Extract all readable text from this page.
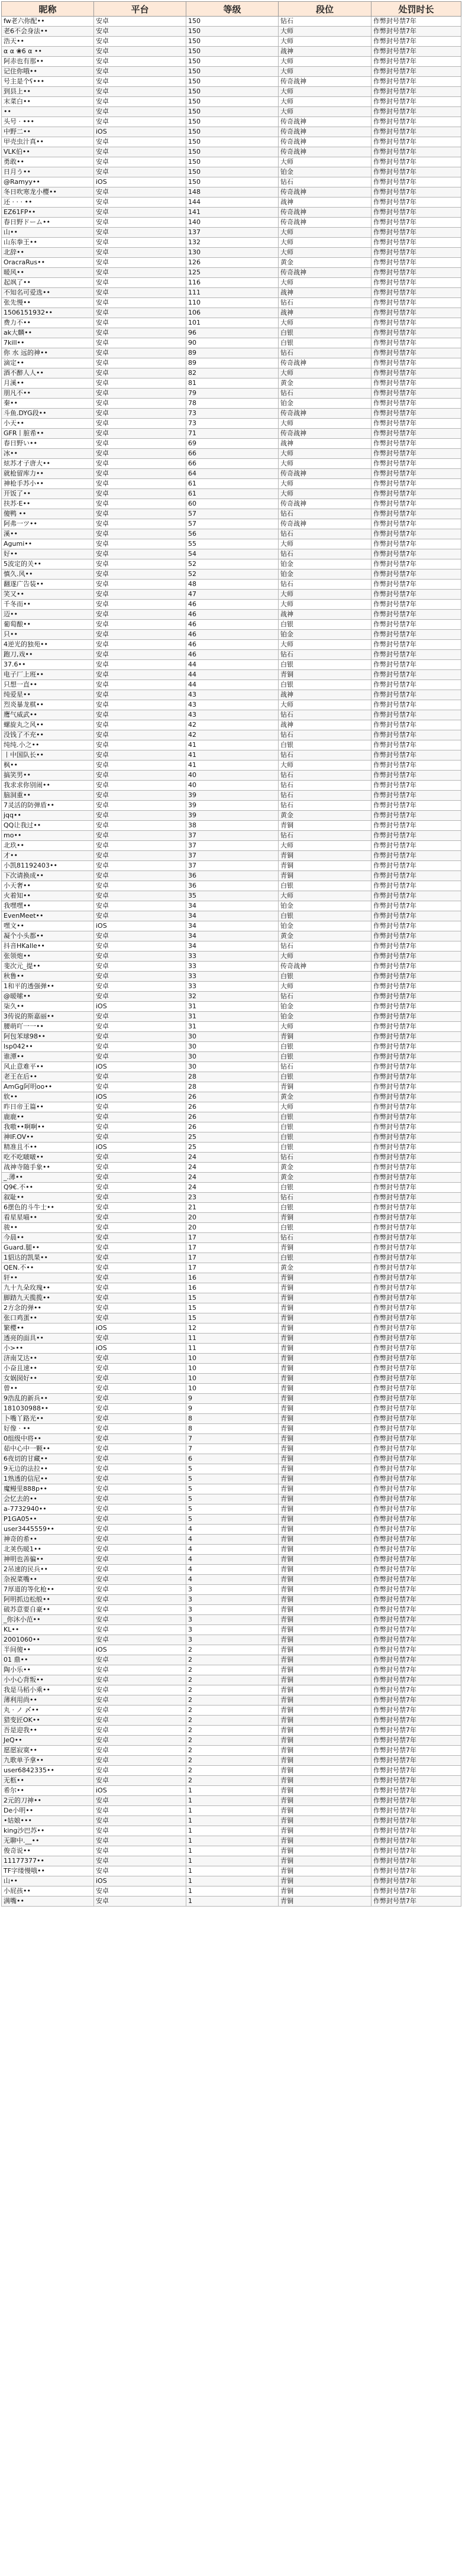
昵称	平台	等级	段位	处罚时长
fw老六你配••	安卓	150	钻石	作弊封号禁7年
老6不会身法••	安卓	150	大师	作弊封号禁7年
浩天••	安卓	150	大师	作弊封号禁7年
α α ❀6 α ••	安卓	150	战神	作弊封号禁7年
阿赤也有那••	安卓	150	大师	作弊封号禁7年
记住你哦••	安卓	150	大师	作弊封号禁7年
号主是个ʕ•••	安卓	150	传奇战神	作弊封号禁7年
到县上••	安卓	150	大师	作弊封号禁7年
末菜白••	安卓	150	大师	作弊封号禁7年
••	安卓	150	大师	作弊封号禁7年
头号 · •••	安卓	150	传奇战神	作弊封号禁7年
中野二••	iOS	150	传奇战神	作弊封号禁7年
甲壳虫汁真••	安卓	150	传奇战神	作弊封号禁7年
VLK伯••	安卓	150	传奇战神	作弊封号禁7年
勇敢••	安卓	150	大师	作弊封号禁7年
日月う••	安卓	150	铂金	作弊封号禁7年
@Ramyy••	iOS	150	钻石	作弊封号禁7年
冬日吹寒龙小樱••	安卓	148	传奇战神	作弊封号禁7年
还 · · · ••	安卓	144	战神	作弊封号禁7年
EZ61FP••	安卓	141	传奇战神	作弊封号禁7年
春日野ドーム••	安卓	140	传奇战神	作弊封号禁7年
山••	安卓	137	大师	作弊封号禁7年
山东拳王••	安卓	132	大师	作弊封号禁7年
北辞••	安卓	130	大师	作弊封号禁7年
OracraRus••	安卓	126	黄金	作弊封号禁7年
暖风••	安卓	125	传奇战神	作弊封号禁7年
起飒了••	安卓	116	大师	作弊封号禁7年
不知名可爱选••	安卓	111	战神	作弊封号禁7年
张先慢••	安卓	110	钻石	作弊封号禁7年
1506151932••	安卓	106	战神	作弊封号禁7年
费力不••	安卓	101	大师	作弊封号禁7年
ak大麟••	安卓	96	白银	作弊封号禁7年
7kill••	安卓	90	白银	作弊封号禁7年
你 水 远的神••	安卓	89	钻石	作弊封号禁7年
滴定••	安卓	89	传奇战神	作弊封号禁7年
酒不醉人人••	安卓	82	大师	作弊封号禁7年
月溪••	安卓	81	黄金	作弊封号禁7年
朋凡不••	安卓	79	钻石	作弊封号禁7年
秦••	安卓	78	铂金	作弊封号禁7年
斗鱼.DYG段••	安卓	73	传奇战神	作弊封号禁7年
小天••	安卓	73	大师	作弊封号禁7年
GFR丨脏希••	安卓	71	传奇战神	作弊封号禁7年
春日野い••	安卓	69	战神	作弊封号禁7年
冰••	安卓	66	大师	作弊封号禁7年
炫苏才子唐大••	安卓	66	大师	作弊封号禁7年
就枪留库力••	安卓	64	传奇战神	作弊封号禁7年
神枪手苏小••	安卓	61	大师	作弊封号禁7年
开饭了••	安卓	61	大师	作弊封号禁7年
扶苏·E••	安卓	60	传奇战神	作弊封号禁7年
傻鸭 ••	安卓	57	钻石	作弊封号禁7年
阿弗一ツ••	安卓	57	传奇战神	作弊封号禁7年
溪••	安卓	56	钻石	作弊封号禁7年
Agumi••	安卓	55	大师	作弊封号禁7年
好••	安卓	54	钻石	作弊封号禁7年
5波定的关••	安卓	52	铂金	作弊封号禁7年
慎久.风••	安卓	52	铂金	作弊封号禁7年
翻遂广告装••	安卓	48	钻石	作弊封号禁7年
笑又••	安卓	47	大师	作弊封号禁7年
千冬而••	安卓	46	大师	作弊封号禁7年
迈••	安卓	46	战神	作弊封号禁7年
葡萄酿••	安卓	46	白银	作弊封号禁7年
只••	安卓	46	铂金	作弊封号禁7年
4逆光的独苑••	安卓	46	大师	作弊封号禁7年
跑刀,戏••	安卓	46	钻石	作弊封号禁7年
37.6••	安卓	44	白银	作弊封号禁7年
电子厂上班••	安卓	44	青铜	作弊封号禁7年
只想一直••	安卓	44	白银	作弊封号禁7年
纯爱星••	安卓	43	战神	作弊封号禁7年
烈炎暴龙棋••	安卓	43	大师	作弊封号禁7年
鹰气威武••	安卓	43	钻石	作弊封号禁7年
螺旋丸之风••	安卓	42	战神	作弊封号禁7年
没钱了不充••	安卓	42	钻石	作弊封号禁7年
纯纯.小之••	安卓	41	白银	作弊封号禁7年
丨中国队长••	安卓	41	钻石	作弊封号禁7年
枫••	安卓	41	大师	作弊封号禁7年
搞笑男••	安卓	40	钻石	作弊封号禁7年
我求求你别闹••	安卓	40	钻石	作弊封号禁7年
脑洞重••	安卓	39	钻石	作弊封号禁7年
7灵活的防弹盾••	安卓	39	钻石	作弊封号禁7年
jqq••	安卓	39	黄金	作弊封号禁7年
QQ让我过••	安卓	38	青铜	作弊封号禁7年
mo••	安卓	37	钻石	作弊封号禁7年
北玖••	安卓	37	大师	作弊封号禁7年
才••	安卓	37	青铜	作弊封号禁7年
小凯81192403••	安卓	37	青铜	作弊封号禁7年
下次请换成••	安卓	36	青铜	作弊封号禁7年
小天奢••	安卓	36	白银	作弊封号禁7年
火着知••	安卓	35	大师	作弊封号禁7年
我嘿嘿••	安卓	34	铂金	作弊封号禁7年
EvenMeet••	安卓	34	白银	作弊封号禁7年
嘿文••	iOS	34	铂金	作弊封号禁7年
凝个小头都••	安卓	34	黄金	作弊封号禁7年
抖音HKalle••	安卓	34	钻石	作弊封号禁7年
张领炮••	安卓	33	大师	作弊封号禁7年
斐次元_提••	安卓	33	传奇战神	作弊封号禁7年
秋鲁••	安卓	33	白银	作弊封号禁7年
1和平的透强弹••	安卓	33	大师	作弊封号禁7年
@暖嗦••	安卓	32	钻石	作弊封号禁7年
柒久••	iOS	31	铂金	作弊封号禁7年
3传说的斯嘉丽••	安卓	31	铂金	作弊封号禁7年
腰萌吖一一••	安卓	31	大师	作弊封号禁7年
阿包苯球98••	安卓	30	青铜	作弊封号禁7年
lsp042••	安卓	30	白银	作弊封号禁7年
谁潭••	安卓	30	白银	作弊封号禁7年
风止意难平••	iOS	30	钻石	作弊封号禁7年
老王在后••	安卓	28	白银	作弊封号禁7年
AmGg阿明oo••	安卓	28	青铜	作弊封号禁7年
软••	iOS	26	黄金	作弊封号禁7年
昨日帝王篇••	安卓	26	大师	作弊封号禁7年
鹿鹿••	安卓	26	白银	作弊封号禁7年
我嗷••啊啊••	安卓	26	白银	作弊封号禁7年
神IF.OV••	安卓	25	白银	作弊封号禁7年
精准且不••	iOS	25	白银	作弊封号禁7年
吃不吃啵啵••	安卓	24	钻石	作弊封号禁7年
战神寺随手象••	安卓	24	黄金	作弊封号禁7年
_.薄••	安卓	24	黄金	作弊封号禁7年
Q9€.不••	安卓	24	白银	作弊封号禁7年
叙耻••	安卓	23	钻石	作弊封号禁7年
6摆色的斗牛士••	安卓	21	白银	作弊封号禁7年
看星星喵••	安卓	20	青铜	作弊封号禁7年
骏••	安卓	20	白银	作弊封号禁7年
今晨••	安卓	17	钻石	作弊封号禁7年
Guard.腿••	安卓	17	青铜	作弊封号禁7年
1貂达的凯果••	安卓	17	白银	作弊封号禁7年
QEN.不••	安卓	17	黄金	作弊封号禁7年
轩••	安卓	16	青铜	作弊封号禁7年
九十九朵玫瑰••	安卓	16	青铜	作弊封号禁7年
脚踏九天揽揽••	安卓	15	青铜	作弊封号禁7年
2方念的弹••	安卓	15	青铜	作弊封号禁7年
张口鸡蛋••	安卓	15	青铜	作弊封号禁7年
繁樱••	iOS	12	青铜	作弊封号禁7年
透亮的面具••	安卓	11	青铜	作弊封号禁7年
小>••	iOS	11	青铜	作弊封号禁7年
济南艾达••	安卓	10	青铜	作弊封号禁7年
小奋且速••	安卓	10	青铜	作弊封号禁7年
女娲囡好••	安卓	10	青铜	作弊封号禁7年
曾••	安卓	10	青铜	作弊封号禁7年
9浩乱的新兵••	安卓	9	青铜	作弊封号禁7年
181030988••	安卓	9	青铜	作弊封号禁7年
卜嘴丫路光••	安卓	8	青铜	作弊封号禁7年
好像 · ••	安卓	8	青铜	作弊封号禁7年
0组级中将••	安卓	7	青铜	作弊封号禁7年
茹中心中一颗••	安卓	7	青铜	作弊封号禁7年
6夜切的甘藏••	安卓	6	青铜	作弊封号禁7年
9无边的法拉••	安卓	5	青铜	作弊封号禁7年
1熟透的信尼••	安卓	5	青铜	作弊封号禁7年
魔鳗里888p••	安卓	5	青铜	作弊封号禁7年
会忆去的••	安卓	5	青铜	作弊封号禁7年
a-7732940••	安卓	5	青铜	作弊封号禁7年
P1GA05••	安卓	5	青铜	作弊封号禁7年
user3445559••	安卓	4	青铜	作弊封号禁7年
神奇的希••	安卓	4	青铜	作弊封号禁7年
北荚伤暖1••	安卓	4	青铜	作弊封号禁7年
神明也善骗••	安卓	4	青铜	作弊封号禁7年
2吊速的民兵••	安卓	4	青铜	作弊封号禁7年
杂祝菜嘴••	安卓	4	青铜	作弊封号禁7年
7厚道的等化枪••	安卓	3	青铜	作弊封号禁7年
阿明抓边松般••	安卓	3	青铜	作弊封号禁7年
破苏意要自豪••	安卓	3	青铜	作弊封号禁7年
_你沐小范••	安卓	3	青铜	作弊封号禁7年
KL••	安卓	3	青铜	作弊封号禁7年
2001060••	安卓	3	青铜	作弊封号禁7年
半间傻••	iOS	2	青铜	作弊封号禁7年
01 鼎••	安卓	2	青铜	作弊封号禁7年
陶小乐••	安卓	2	青铜	作弊封号禁7年
小小心背叛••	安卓	2	青铜	作弊封号禁7年
我是马稻小乘••	安卓	2	青铜	作弊封号禁7年
薄利用尚••	安卓	2	青铜	作弊封号禁7年
丸 · ノ 〆••	安卓	2	青铜	作弊封号禁7年
猎变匠OK••	安卓	2	青铜	作弊封号禁7年
吾是迎我••	安卓	2	青铜	作弊封号禁7年
JeQ••	安卓	2	青铜	作弊封号禁7年
愿愿寂寞••	安卓	2	青铜	作弊封号禁7年
九歌单予拿••	安卓	2	青铜	作弊封号禁7年
user6842335••	安卓	2	青铜	作弊封号禁7年
无柩••	安卓	2	青铜	作弊封号禁7年
希尔••	iOS	1	青铜	作弊封号禁7年
2元的刀神••	安卓	1	青铜	作弊封号禁7年
De小明••	安卓	1	青铜	作弊封号禁7年
•姑娘•••	安卓	1	青铜	作弊封号禁7年
king沙巴苏••	安卓	1	青铜	作弊封号禁7年
无聊中.__••	安卓	1	青铜	作弊封号禁7年
俊奇说••	安卓	1	青铜	作弊封号禁7年
11177377••	安卓	1	青铜	作弊封号禁7年
TF字缕慢哦••	安卓	1	青铜	作弊封号禁7年
山••	iOS	1	青铜	作弊封号禁7年
小屁孩••	安卓	1	青铜	作弊封号禁7年
满嘴••	安卓	1	青铜	作弊封号禁7年
